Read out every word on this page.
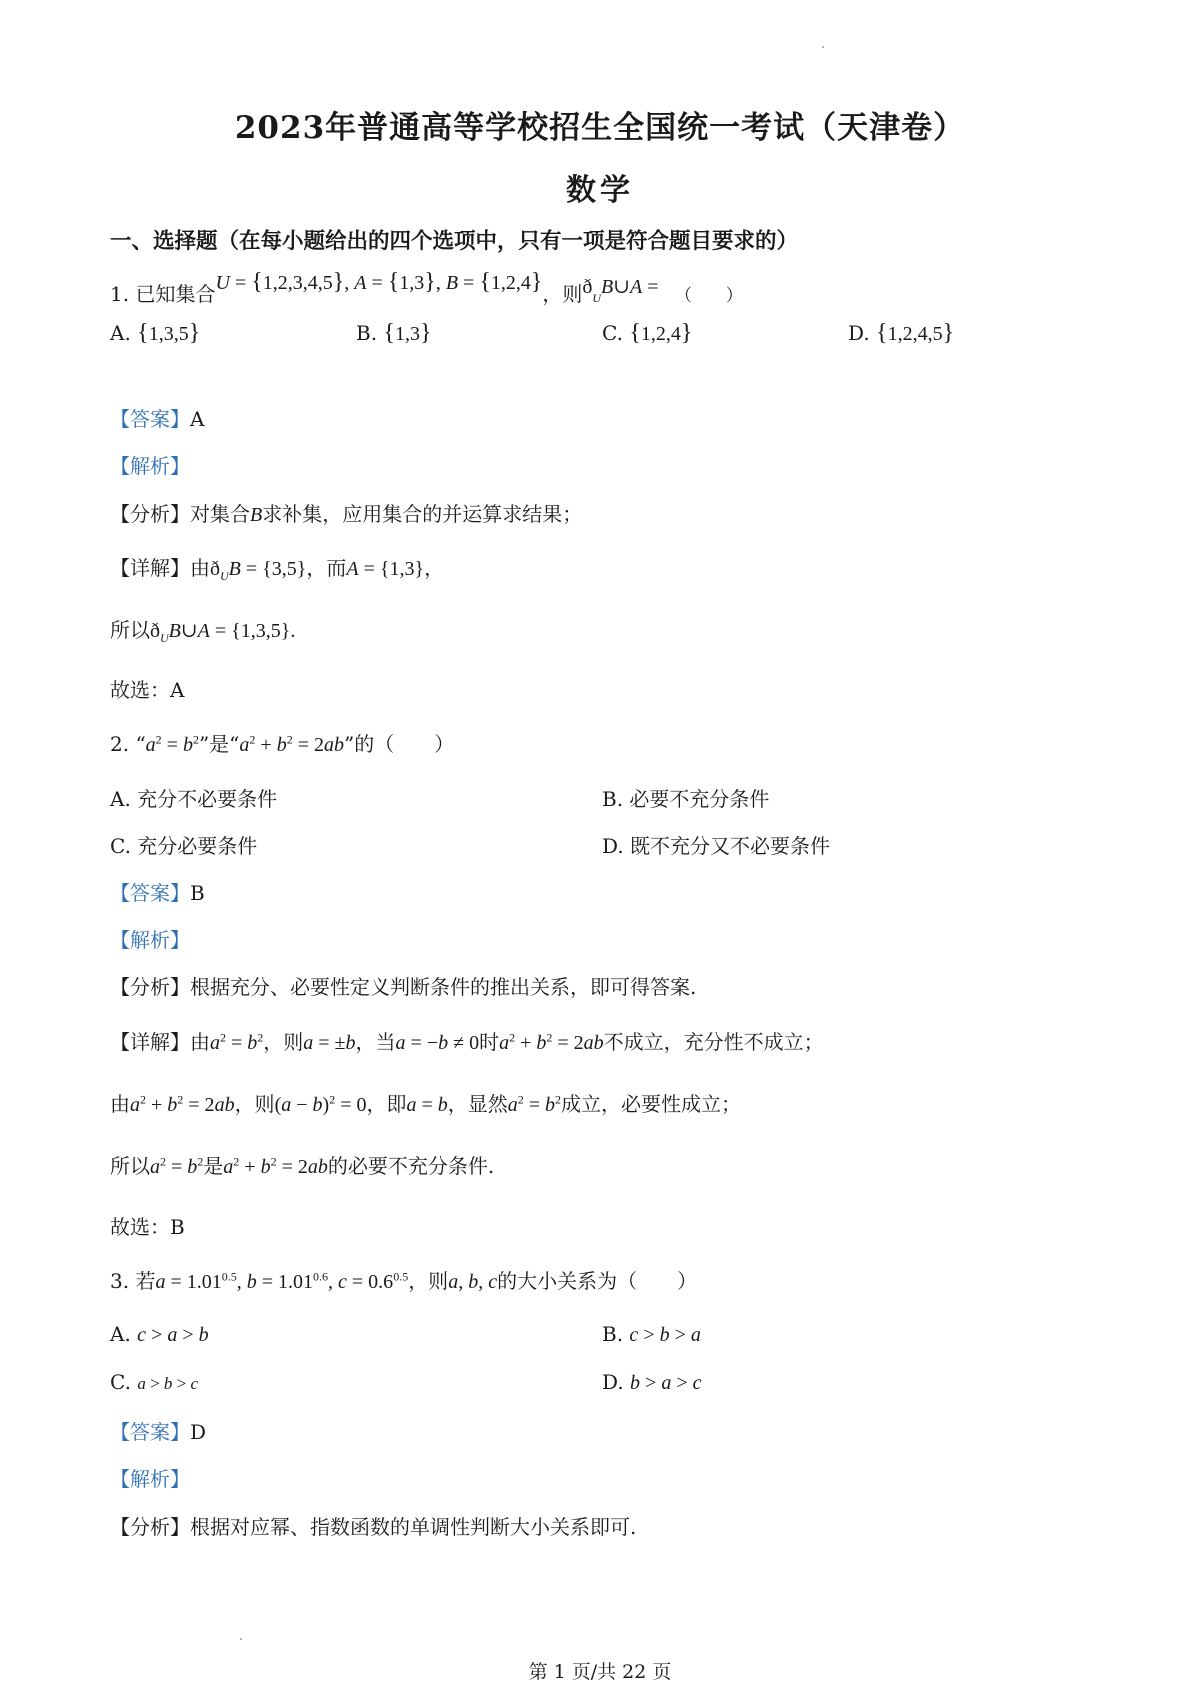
2023年普通高等学校招生全国统一考试（天津卷）
数学
一、选择题（在每小题给出的四个选项中，只有一项是符合题目要求的）
1. 已知集合U = {1,2,3,4,5}, A = {1,3}, B = {1,2,4}，则$ð_UB\cup A$ = （　　）
A. {1,3,5}	B. {1,3}	C. {1,2,4}	D. {1,2,4,5}
【答案】A
【解析】
【分析】对集合B求补集，应用集合的并运算求结果；
【详解】由$ð_UB = \{3,5\}$，而A = {1,3}，
所以$ð_UB\cup A = \{1,3,5\}$.
故选：A
2. “$a^2 = b^2$”是“$a^2 + b^2 = 2ab$”的（　　）
A. 充分不必要条件	B. 必要不充分条件
C. 充分必要条件	D. 既不充分又不必要条件
【答案】B
【解析】
【分析】根据充分、必要性定义判断条件的推出关系，即可得答案.
【详解】由$a^2 = b^2$，则a = ±b，当a = −b ≠ 0时$a^2 + b^2 = 2ab$不成立，充分性不成立；
由$a^2 + b^2 = 2ab$，则$(a - b)^2 = 0$，即a = b，显然$a^2 = b^2$成立，必要性成立；
所以$a^2 = b^2$是$a^2 + b^2 = 2ab$的必要不充分条件.
故选：B
3. 若$a = 1.01^{0.5}$, $b = 1.01^{0.6}$, $c = 0.6^{0.5}$，则a, b, c的大小关系为（　　）
A. c > a > b	B. c > b > a
C. a > b > c	D. b > a > c
【答案】D
【解析】
【分析】根据对应幂、指数函数的单调性判断大小关系即可.
第 1 页/共 22 页
